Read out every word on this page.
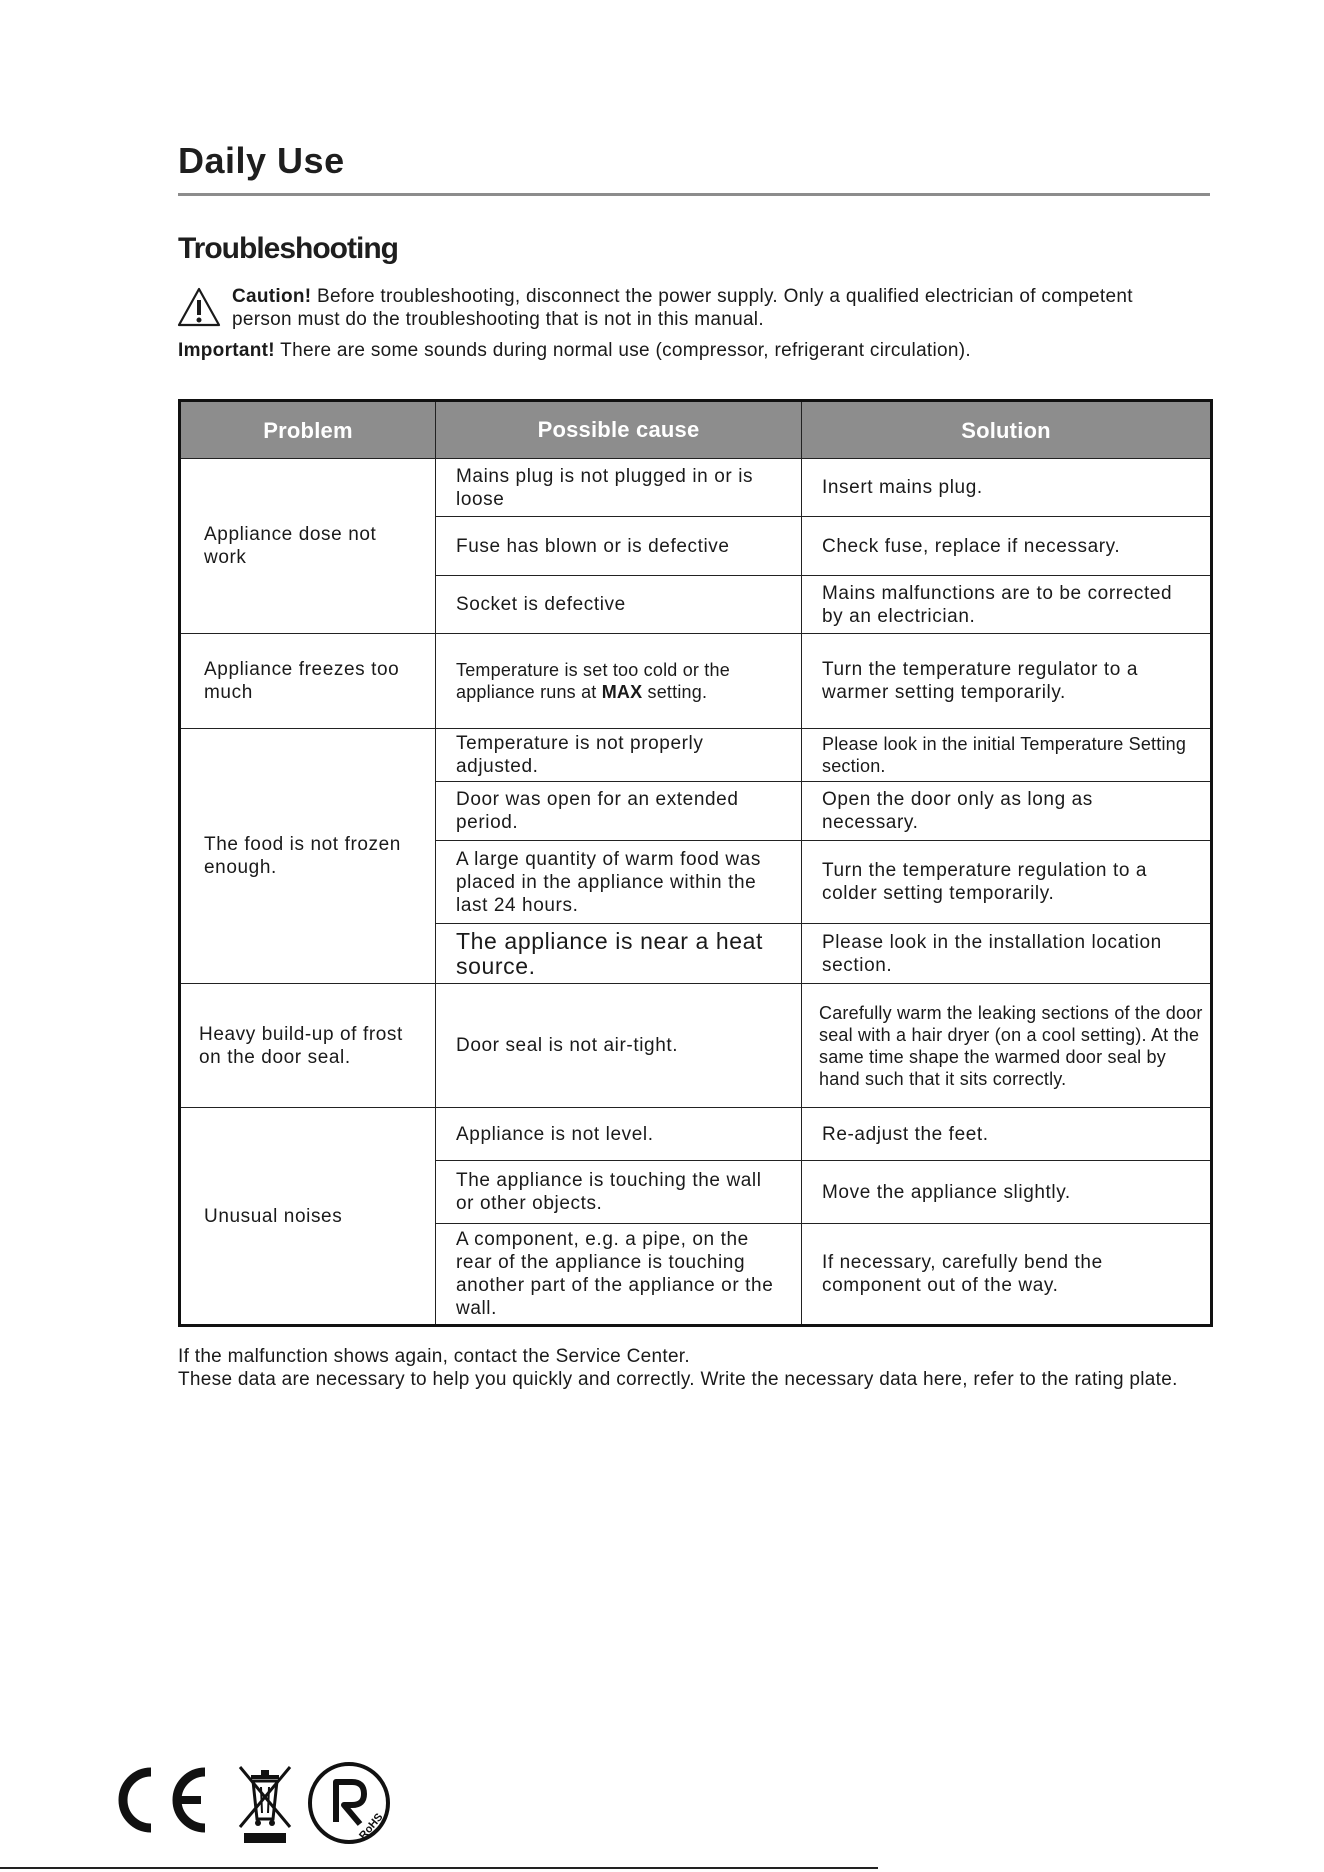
Daily Use
Troubleshooting
Caution! Before troubleshooting, disconnect the power supply. Only a qualified electrician of competent person must do the troubleshooting that is not in this manual.
Important! There are some sounds during normal use (compressor, refrigerant circulation).
Problem	Possible cause	Solution
Appliance dose not work	Mains plug is not plugged in or is loose	Insert mains plug.
	Fuse has blown or is defective	Check fuse, replace if necessary.
	Socket is defective	Mains malfunctions are to be corrected by an electrician.
Appliance freezes too much	Temperature is set too cold or the appliance runs at MAX setting.	Turn the temperature regulator to a warmer setting temporarily.
The food is not frozen enough.	Temperature is not properly adjusted.	Please look in the initial Temperature Setting section.
	Door was open for an extended period.	Open the door only as long as necessary.
	A large quantity of warm food was placed in the appliance within the last 24 hours.	Turn the temperature regulation to a colder setting temporarily.
	The appliance is near a heat source.	Please look in the installation location section.
Heavy build-up of frost on the door seal.	Door seal is not air-tight.	Carefully warm the leaking sections of the door seal with a hair dryer (on a cool setting). At the same time shape the warmed door seal by hand such that it sits correctly.
Unusual noises	Appliance is not level.	Re-adjust the feet.
	The appliance is touching the wall or other objects.	Move the appliance slightly.
	A component, e.g. a pipe, on the rear of the appliance is touching another part of the appliance or the wall.	If necessary, carefully bend the component out of the way.
If the malfunction shows again, contact the Service Center.
These data are necessary to help you quickly and correctly. Write the necessary data here, refer to the rating plate.
RoHS
